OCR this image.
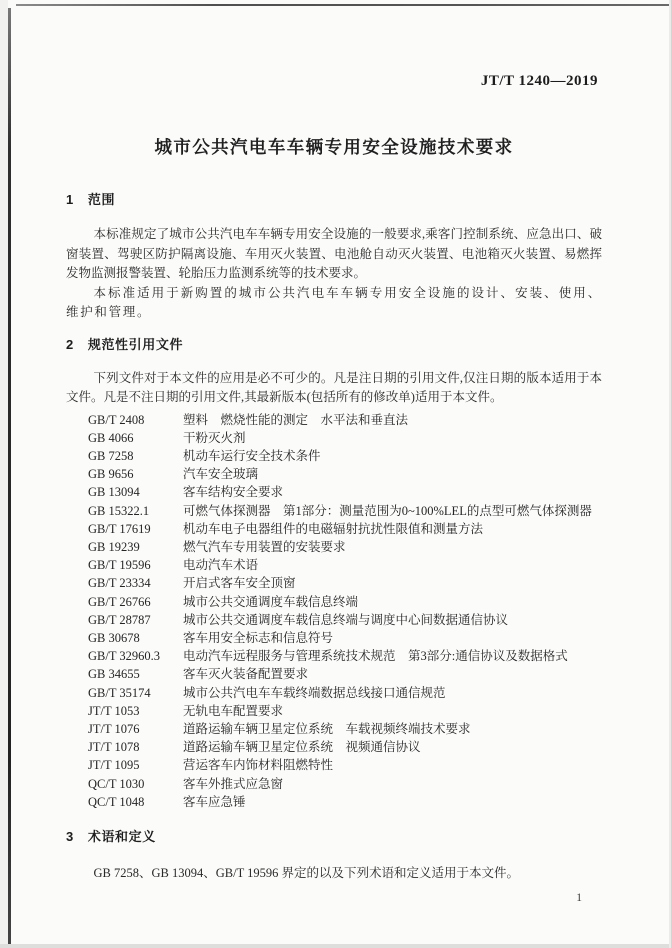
JT/T 1240—2019
城市公共汽电车车辆专用安全设施技术要求
1 范围

本标准规定了城市公共汽电车车辆专用安全设施的一般要求,乘客门控制系统、应急出口、破窗装置、驾驶区防护隔离设施、车用灭火装置、电池舱自动灭火装置、电池箱灭火装置、易燃挥发物监测报警装置、轮胎压力监测系统等的技术要求。

本标准适用于新购置的城市公共汽电车车辆专用安全设施的设计、安装、使用、维护和管理。

2 规范性引用文件

下列文件对于本文件的应用是必不可少的。凡是注日期的引用文件,仅注日期的版本适用于本文件。凡是不注日期的引用文件,其最新版本(包括所有的修改单)适用于本文件。

GB/T 2408	塑料　燃烧性能的测定　水平法和垂直法
GB 4066	干粉灭火剂
GB 7258	机动车运行安全技术条件
GB 9656	汽车安全玻璃
GB 13094	客车结构安全要求
GB 15322.1	可燃气体探测器　第1部分：测量范围为0~100%LEL的点型可燃气体探测器
GB/T 17619	机动车电子电器组件的电磁辐射抗扰性限值和测量方法
GB 19239	燃气汽车专用装置的安装要求
GB/T 19596	电动汽车术语
GB/T 23334	开启式客车安全顶窗
GB/T 26766	城市公共交通调度车载信息终端
GB/T 28787	城市公共交通调度车载信息终端与调度中心间数据通信协议
GB 30678	客车用安全标志和信息符号
GB/T 32960.3	电动汽车远程服务与管理系统技术规范　第3部分:通信协议及数据格式
GB 34655	客车灭火装备配置要求
GB/T 35174	城市公共汽电车车载终端数据总线接口通信规范
JT/T 1053	无轨电车配置要求
JT/T 1076	道路运输车辆卫星定位系统　车载视频终端技术要求
JT/T 1078	道路运输车辆卫星定位系统　视频通信协议
JT/T 1095	营运客车内饰材料阻燃特性
QC/T 1030	客车外推式应急窗
QC/T 1048	客车应急锤
3 术语和定义

GB 7258、GB 13094、GB/T 19596 界定的以及下列术语和定义适用于本文件。

1
